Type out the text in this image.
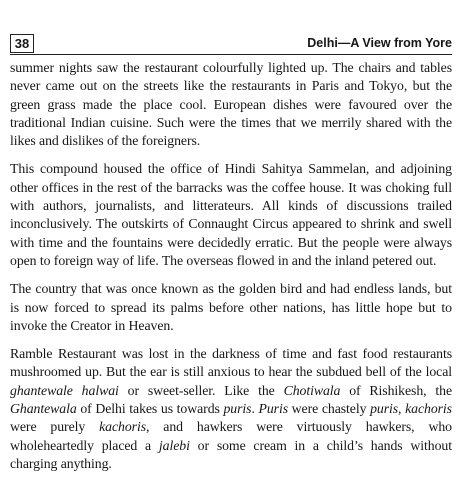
38	Delhi—A View from Yore

summer nights saw the restaurant colourfully lighted up. The chairs and tables never came out on the streets like the restaurants in Paris and Tokyo, but the green grass made the place cool. European dishes were favoured over the traditional Indian cuisine. Such were the times that we merrily shared with the likes and dislikes of the foreigners.

This compound housed the office of Hindi Sahitya Sammelan, and adjoining other offices in the rest of the barracks was the coffee house. It was choking full with authors, journalists, and litterateurs. All kinds of discussions trailed inconclusively. The outskirts of Connaught Circus appeared to shrink and swell with time and the fountains were decidedly erratic. But the people were always open to foreign way of life. The overseas flowed in and the inland petered out.

The country that was once known as the golden bird and had endless lands, but is now forced to spread its palms before other nations, has little hope but to invoke the Creator in Heaven.

Ramble Restaurant was lost in the darkness of time and fast food restaurants mushroomed up. But the ear is still anxious to hear the subdued bell of the local ghantewale halwai or sweet-seller. Like the Chotiwala of Rishikesh, the Ghantewala of Delhi takes us towards puris. Puris were chastely puris, kachoris were purely kachoris, and hawkers were virtuously hawkers, who wholeheartedly placed a jalebi or some cream in a child’s hands without charging anything.
